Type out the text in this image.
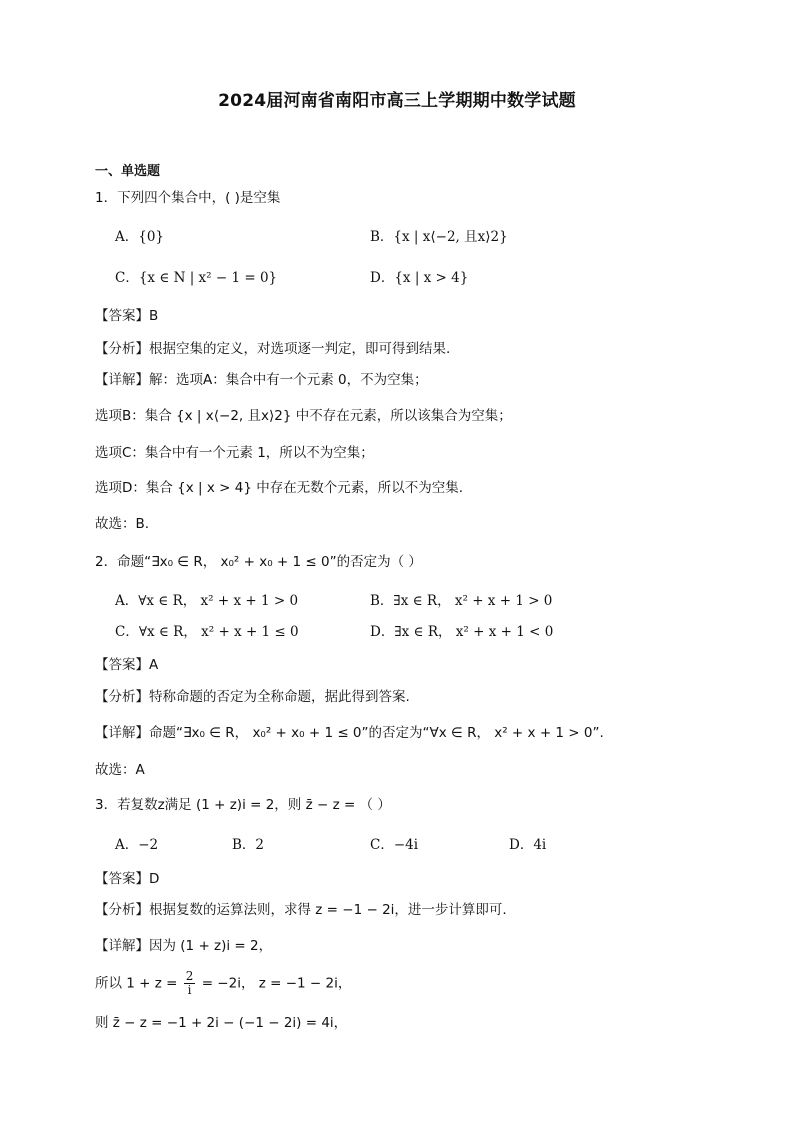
2024届河南省南阳市高三上学期期中数学试题
一、单选题
1．下列四个集合中，( )是空集
A．{0}	B．{x | x⟨−2, 且x⟩2}
C．{x ∈ N | x² − 1 = 0}	D．{x | x > 4}
【答案】B
【分析】根据空集的定义，对选项逐一判定，即可得到结果.
【详解】解：选项A：集合中有一个元素 0，不为空集；
选项B：集合 {x | x⟨−2, 且x⟩2} 中不存在元素，所以该集合为空集；
选项C：集合中有一个元素 1，所以不为空集；
选项D：集合 {x | x > 4} 中存在无数个元素，所以不为空集.
故选：B.
2．命题“∃x₀ ∈ R， x₀² + x₀ + 1 ≤ 0”的否定为（ ）
A．∀x ∈ R， x² + x + 1 > 0	B．∃x ∈ R， x² + x + 1 > 0
C．∀x ∈ R， x² + x + 1 ≤ 0	D．∃x ∈ R， x² + x + 1 < 0
【答案】A
【分析】特称命题的否定为全称命题，据此得到答案.
【详解】命题“∃x₀ ∈ R， x₀² + x₀ + 1 ≤ 0”的否定为“∀x ∈ R， x² + x + 1 > 0”.
故选：A
3．若复数z满足 (1 + z)i = 2，则 z̄ − z = （ ）
A．−2	B．2	C．−4i	D．4i
【答案】D
【分析】根据复数的运算法则，求得 z = −1 − 2i，进一步计算即可.
【详解】因为 (1 + z)i = 2，
所以 $1 + z = \frac{2}{i} = -2i$， z = −1 − 2i，
则 z̄ − z = −1 + 2i − (−1 − 2i) = 4i，
